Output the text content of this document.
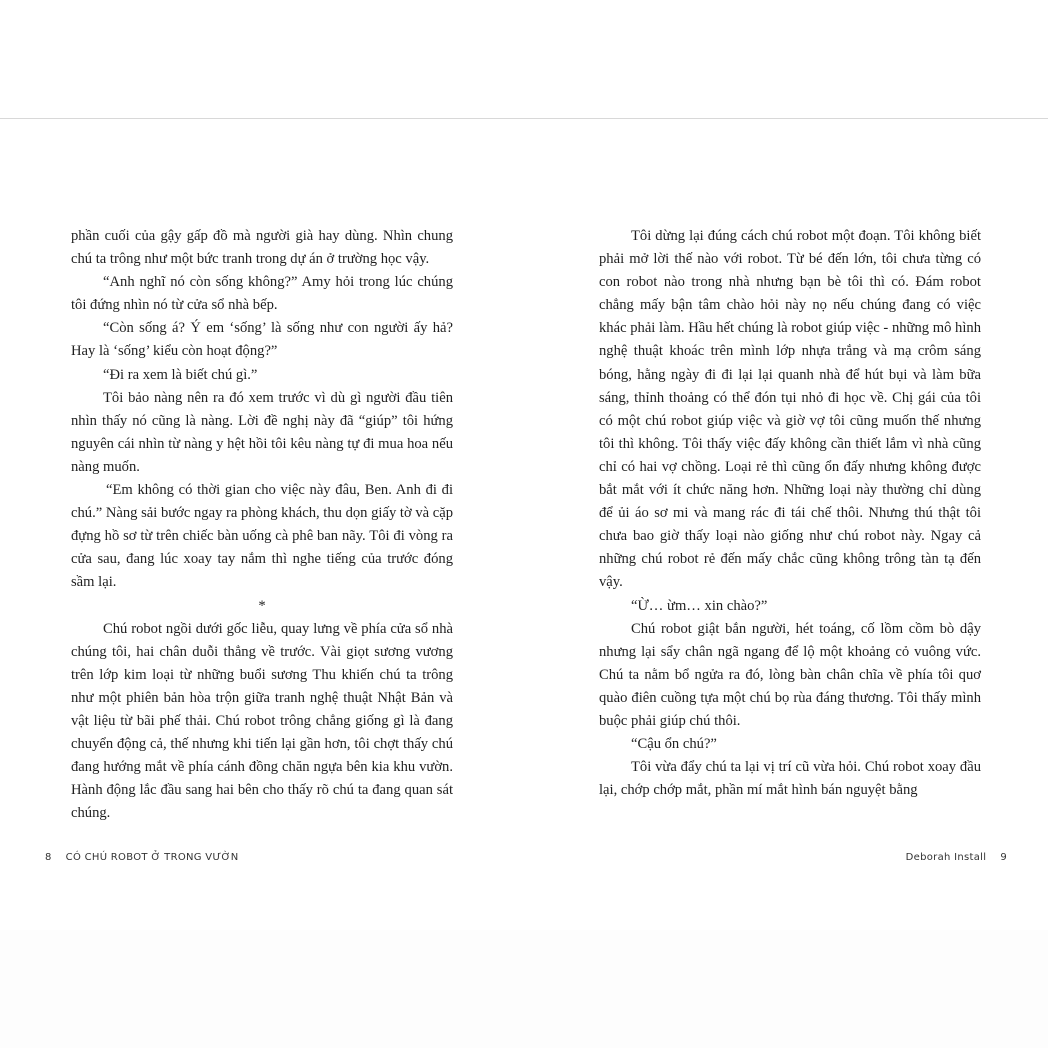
phần cuối của gậy gấp đồ mà người già hay dùng. Nhìn chung chú ta trông như một bức tranh trong dự án ở trường học vậy.

“Anh nghĩ nó còn sống không?” Amy hỏi trong lúc chúng tôi đứng nhìn nó từ cửa sổ nhà bếp.

“Còn sống á? Ý em ‘sống’ là sống như con người ấy hả? Hay là ‘sống’ kiểu còn hoạt động?”

“Đi ra xem là biết chú gì.”

Tôi bảo nàng nên ra đó xem trước vì dù gì người đầu tiên nhìn thấy nó cũng là nàng. Lời đề nghị này đã “giúp” tôi hứng nguyên cái nhìn từ nàng y hệt hồi tôi kêu nàng tự đi mua hoa nếu nàng muốn.

“Em không có thời gian cho việc này đâu, Ben. Anh đi đi chú.” Nàng sải bước ngay ra phòng khách, thu dọn giấy tờ và cặp đựng hồ sơ từ trên chiếc bàn uống cà phê ban nãy. Tôi đi vòng ra cửa sau, đang lúc xoay tay nắm thì nghe tiếng của trước đóng sầm lại.

*

Chú robot ngồi dưới gốc liễu, quay lưng về phía cửa sổ nhà chúng tôi, hai chân duỗi thẳng về trước. Vài giọt sương vương trên lớp kim loại từ những buổi sương Thu khiến chú ta trông như một phiên bản hòa trộn giữa tranh nghệ thuật Nhật Bản và vật liệu từ bãi phế thải. Chú robot trông chẳng giống gì là đang chuyển động cả, thế nhưng khi tiến lại gần hơn, tôi chợt thấy chú đang hướng mắt về phía cánh đồng chăn ngựa bên kia khu vườn. Hành động lắc đầu sang hai bên cho thấy rõ chú ta đang quan sát chúng.

Tôi dừng lại đúng cách chú robot một đoạn. Tôi không biết phải mở lời thế nào với robot. Từ bé đến lớn, tôi chưa từng có con robot nào trong nhà nhưng bạn bè tôi thì có. Đám robot chẳng mấy bận tâm chào hỏi này nọ nếu chúng đang có việc khác phải làm. Hầu hết chúng là robot giúp việc - những mô hình nghệ thuật khoác trên mình lớp nhựa trắng và mạ crôm sáng bóng, hằng ngày đi đi lại lại quanh nhà để hút bụi và làm bữa sáng, thỉnh thoảng có thể đón tụi nhỏ đi học về. Chị gái của tôi có một chú robot giúp việc và giờ vợ tôi cũng muốn thế nhưng tôi thì không. Tôi thấy việc đấy không cần thiết lắm vì nhà cũng chỉ có hai vợ chồng. Loại rẻ thì cũng ổn đấy nhưng không được bắt mắt với ít chức năng hơn. Những loại này thường chỉ dùng để ủi áo sơ mi và mang rác đi tái chế thôi. Nhưng thú thật tôi chưa bao giờ thấy loại nào giống như chú robot này. Ngay cả những chú robot rẻ đến mấy chắc cũng không trông tàn tạ đến vậy.

“Ừ… ừm… xin chào?”

Chú robot giật bắn người, hét toáng, cố lồm cồm bò dậy nhưng lại sẩy chân ngã ngang để lộ một khoảng cỏ vuông vức. Chú ta nằm bổ ngửa ra đó, lòng bàn chân chĩa về phía tôi quơ quào điên cuồng tựa một chú bọ rùa đáng thương. Tôi thấy mình buộc phải giúp chú thôi.

“Cậu ổn chú?”

Tôi vừa đẩy chú ta lại vị trí cũ vừa hỏi. Chú robot xoay đầu lại, chớp chớp mắt, phần mí mắt hình bán nguyệt bằng

8 CÓ CHÚ ROBOT Ở TRONG VƯỜN	Deborah Install 9
